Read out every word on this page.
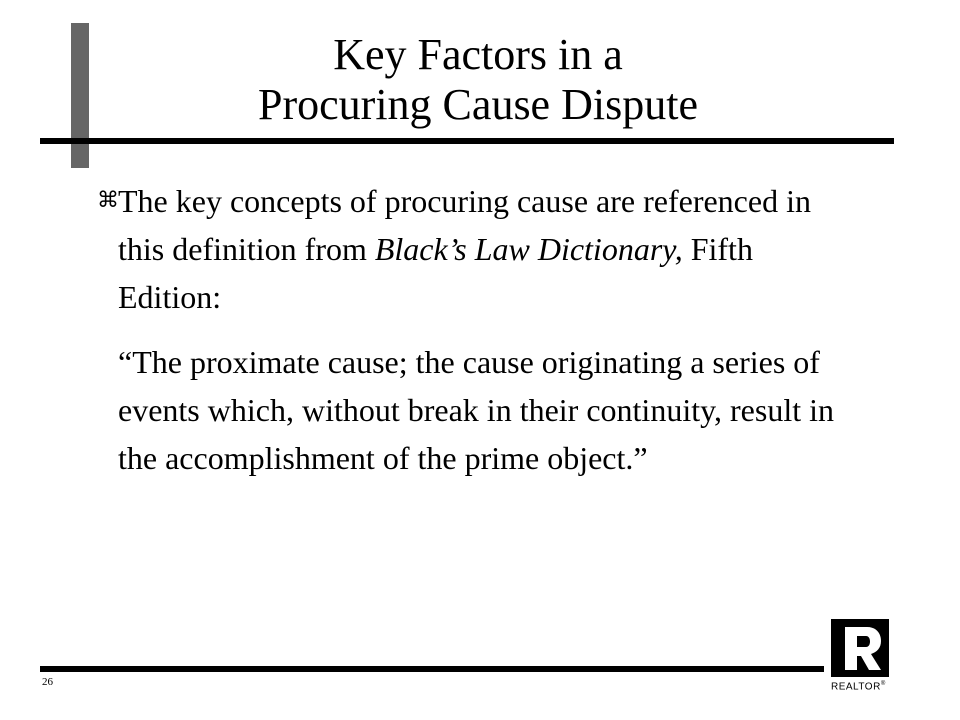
Key Factors in a
Procuring Cause Dispute
⌘ The key concepts of procuring cause are referenced in this definition from Black’s Law Dictionary, Fifth Edition:
“The proximate cause; the cause originating a series of events which, without break in their continuity, result in the accomplishment of the prime object.”
26	REALTOR®
